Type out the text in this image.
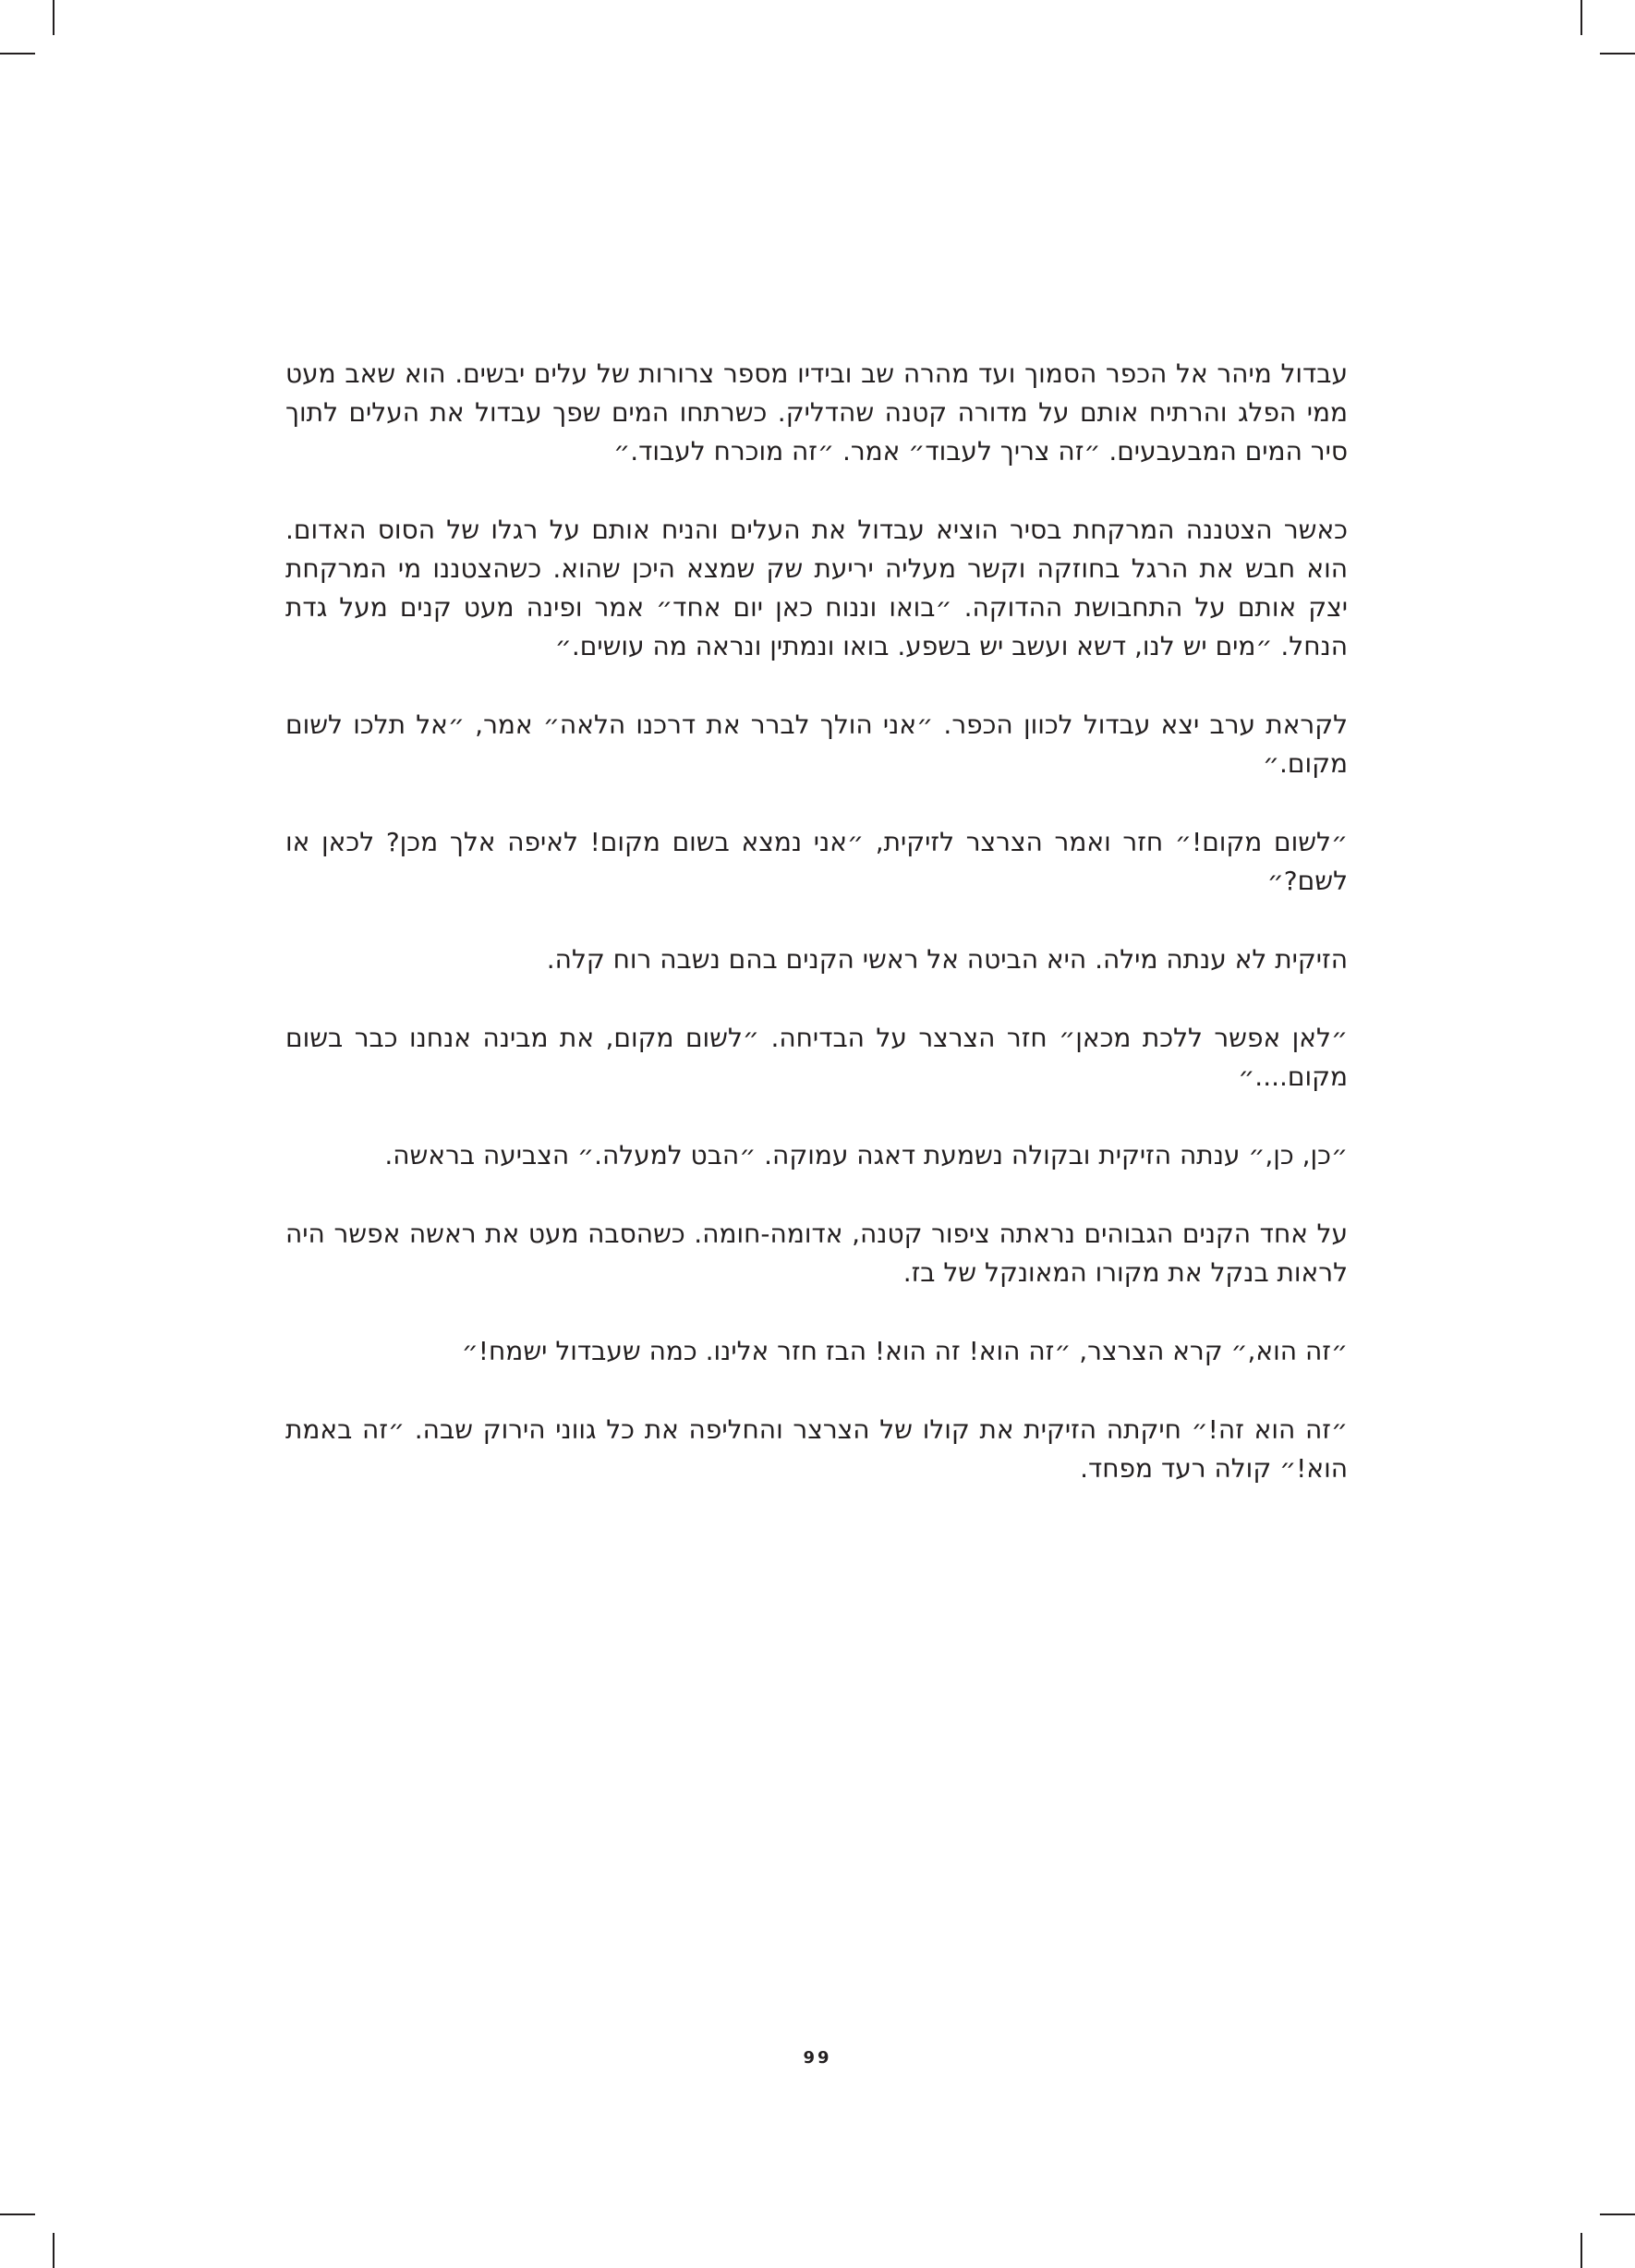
עבדול מיהר אל הכפר הסמוך ועד מהרה שב ובידיו מספר צרורות של עלים יבשים. הוא שאב מעט ממי הפלג והרתיח אותם על מדורה קטנה שהדליק. כשרתחו המים שפך עבדול את העלים לתוך סיר המים המבעבעים. ״זה צריך לעבוד״ אמר. ״זה מוכרח לעבוד.״

כאשר הצטננה המרקחת בסיר הוציא עבדול את העלים והניח אותם על רגלו של הסוס האדום. הוא חבש את הרגל בחוזקה וקשר מעליה יריעת שק שמצא היכן שהוא. כשהצטננו מי המרקחת יצק אותם על התחבושת ההדוקה. ״בואו וננוח כאן יום אחד״ אמר ופינה מעט קנים מעל גדת הנחל. ״מים יש לנו, דשא ועשב יש בשפע. בואו ונמתין ונראה מה עושים.״

לקראת ערב יצא עבדול לכוון הכפר. ״אני הולך לברר את דרכנו הלאה״ אמר, ״אל תלכו לשום מקום.״

״לשום מקום!״ חזר ואמר הצרצר לזיקית, ״אני נמצא בשום מקום! לאיפה אלך מכן? לכאן או לשם?״

הזיקית לא ענתה מילה. היא הביטה אל ראשי הקנים בהם נשבה רוח קלה.

״לאן אפשר ללכת מכאן״ חזר הצרצר על הבדיחה. ״לשום מקום, את מבינה אנחנו כבר בשום מקום....״

״כן, כן,״ ענתה הזיקית ובקולה נשמעת דאגה עמוקה. ״הבט למעלה.״ הצביעה בראשה.

על אחד הקנים הגבוהים נראתה ציפור קטנה, אדומה-חומה. כשהסבה מעט את ראשה אפשר היה לראות בנקל את מקורו המאונקל של בז.

״זה הוא,״ קרא הצרצר, ״זה הוא! זה הוא! הבז חזר אלינו. כמה שעבדול ישמח!״

״זה הוא זה!״ חיקתה הזיקית את קולו של הצרצר והחליפה את כל גווני הירוק שבה. ״זה באמת הוא!״ קולה רעד מפחד.

99
